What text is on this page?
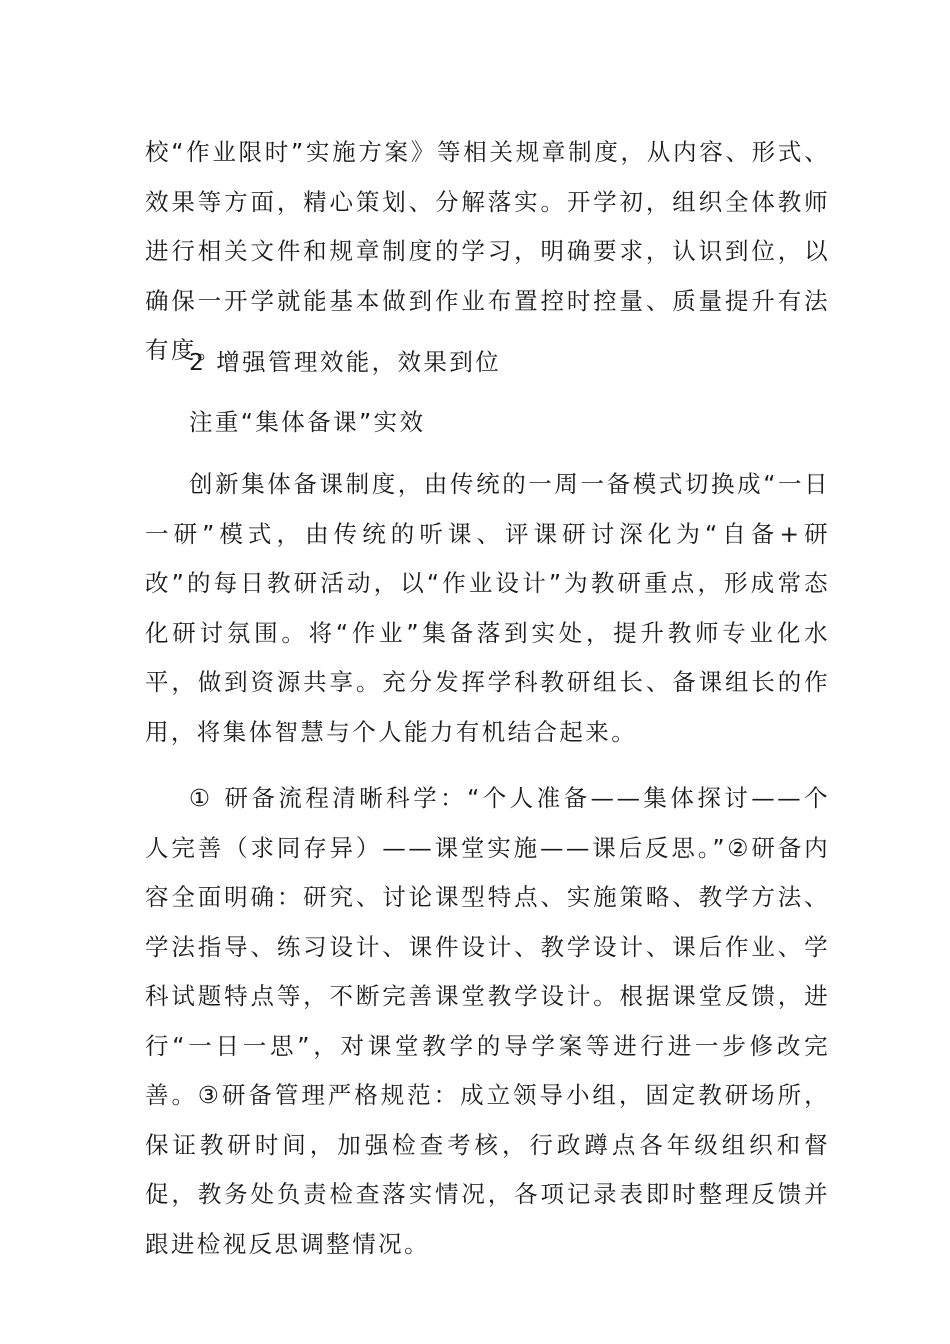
校“作业限时”实施方案》等相关规章制度，从内容、形式、效果等方面，精心策划、分解落实。开学初，组织全体教师进行相关文件和规章制度的学习，明确要求，认识到位，以确保一开学就能基本做到作业布置控时控量、质量提升有法有度。

2 增强管理效能，效果到位

注重“集体备课”实效

创新集体备课制度，由传统的一周一备模式切换成“一日一研”模式，由传统的听课、评课研讨深化为“自备+研改”的每日教研活动，以“作业设计”为教研重点，形成常态化研讨氛围。将“作业”集备落到实处，提升教师专业化水平，做到资源共享。充分发挥学科教研组长、备课组长的作用，将集体智慧与个人能力有机结合起来。

① 研备流程清晰科学：“个人准备——集体探讨——个人完善（求同存异）——课堂实施——课后反思。”②研备内容全面明确：研究、讨论课型特点、实施策略、教学方法、学法指导、练习设计、课件设计、教学设计、课后作业、学科试题特点等，不断完善课堂教学设计。根据课堂反馈，进行“一日一思”，对课堂教学的导学案等进行进一步修改完善。③研备管理严格规范：成立领导小组，固定教研场所，保证教研时间，加强检查考核，行政蹲点各年级组织和督促，教务处负责检查落实情况，各项记录表即时整理反馈并跟进检视反思调整情况。
